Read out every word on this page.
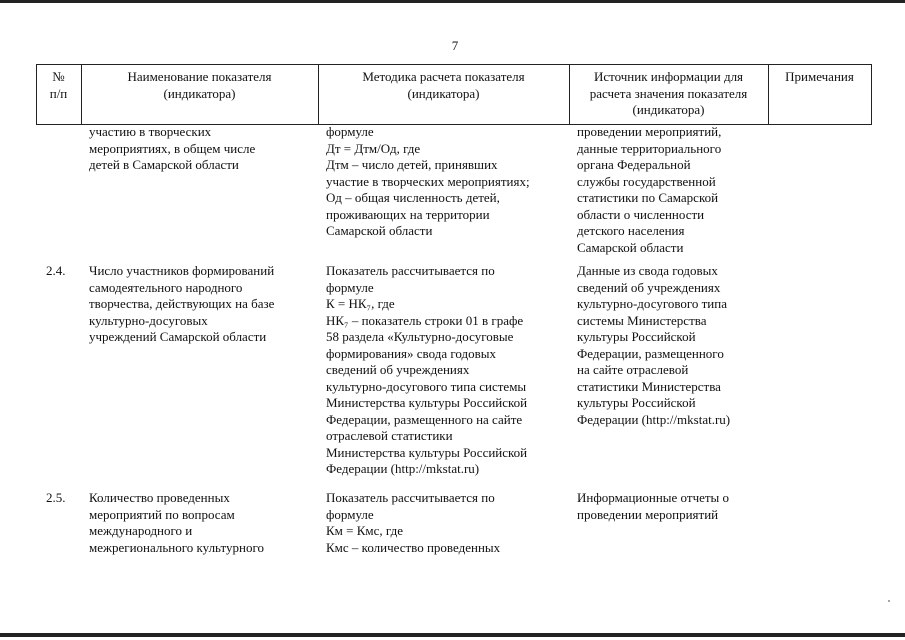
7
№
п/п
Наименование показателя
(индикатора)
Методика расчета показателя
(индикатора)
Источник информации для
расчета значения показателя
(индикатора)
Примечания
участию в творческих
мероприятиях, в общем числе
детей в Самарской области
формуле
Дт = Дтм/Од, где
Дтм – число детей, принявших
участие в творческих мероприятиях;
Од – общая численность детей,
проживающих на территории
Самарской области
проведении мероприятий,
данные территориального
органа Федеральной
службы государственной
статистики по Самарской
области о численности
детского населения
Самарской области
2.4. Число участников формирований
самодеятельного народного
творчества, действующих на базе
культурно-досуговых
учреждений Самарской области
Показатель рассчитывается по
формуле
К = НК₇, где
НК₇ – показатель строки 01 в графе
58 раздела «Культурно-досуговые
формирования» свода годовых
сведений об учреждениях
культурно-досугового типа системы
Министерства культуры Российской
Федерации, размещенного на сайте
отраслевой статистики
Министерства культуры Российской
Федерации (http://mkstat.ru)
Данные из свода годовых
сведений об учреждениях
культурно-досугового типа
системы Министерства
культуры Российской
Федерации, размещенного
на сайте отраслевой
статистики Министерства
культуры Российской
Федерации (http://mkstat.ru)
2.5. Количество проведенных
мероприятий по вопросам
международного и
межрегионального культурного
Показатель рассчитывается по
формуле
Км = Кмс, где
Кмс – количество проведенных
Информационные отчеты о
проведении мероприятий
